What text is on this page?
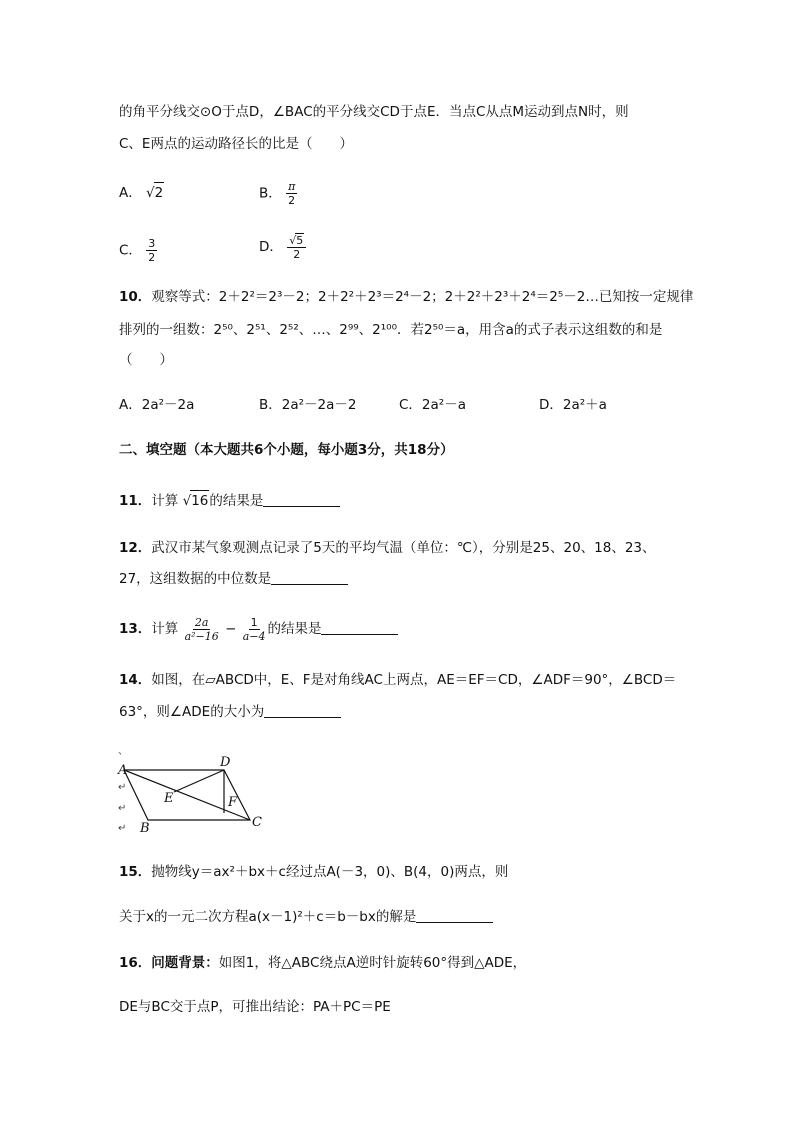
的角平分线交⊙O于点D，∠BAC的平分线交CD于点E．当点C从点M运动到点N时，则
C、E两点的运动路径长的比是（　　）
A． √2	B． $\frac{\pi}{2}$
C． $\frac{3}{2}$	D． $\frac{√5}{2}$
10．观察等式：2＋2²＝2³－2；2＋2²＋2³＝2⁴－2；2＋2²＋2³＋2⁴＝2⁵－2…已知按一定规律
排列的一组数：2⁵⁰、2⁵¹、2⁵²、…、2⁹⁹、2¹⁰⁰．若2⁵⁰＝a，用含a的式子表示这组数的和是
（　　）
A．2a²－2a	B．2a²－2a－2	C．2a²－a	D．2a²＋a
二、填空题（本大题共6个小题，每小题3分，共18分）
11．计算 √16的结果是
12．武汉市某气象观测点记录了5天的平均气温（单位：℃），分别是25、20、18、23、
27，这组数据的中位数是
13．计算 $\frac{2a}{\text{a²−16}} - \frac{1}{a-4}$ 的结果是
14．如图，在▱ABCD中，E、F是对角线AC上两点，AE＝EF＝CD，∠ADF＝90°，∠BCD＝
63°，则∠ADE的大小为
A
D
E	F
B	C
、
↵
↵
↵
15．抛物线y＝ax²＋bx＋c经过点A(－3，0)、B(4，0)两点，则
关于x的一元二次方程a(x－1)²＋c＝b－bx的解是
16．问题背景：如图1，将△ABC绕点A逆时针旋转60°得到△ADE，
DE与BC交于点P，可推出结论：PA＋PC＝PE
